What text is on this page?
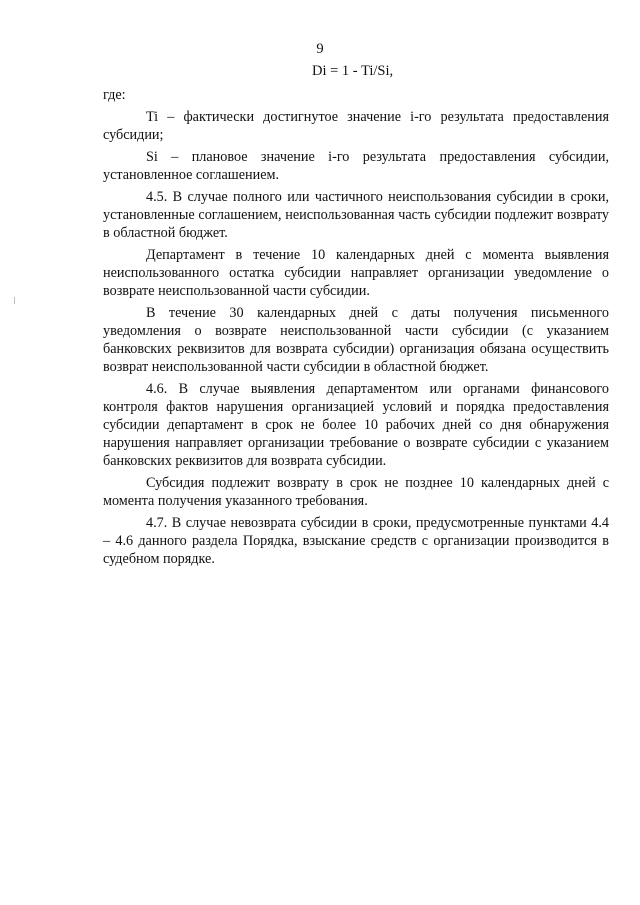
9
Di = 1 - Ti/Si,

где:

Ti – фактически достигнутое значение i-го результата предоставления субсидии;

Si – плановое значение i-го результата предоставления субсидии, установленное соглашением.

4.5. В случае полного или частичного неиспользования субсидии в сроки, установленные соглашением, неиспользованная часть субсидии подлежит возврату в областной бюджет.

Департамент в течение 10 календарных дней с момента выявления неиспользованного остатка субсидии направляет организации уведомление о возврате неиспользованной части субсидии.

В течение 30 календарных дней с даты получения письменного уведомления о возврате неиспользованной части субсидии (с указанием банковских реквизитов для возврата субсидии) организация обязана осуществить возврат неиспользованной части субсидии в областной бюджет.

4.6. В случае выявления департаментом или органами финансового контроля фактов нарушения организацией условий и порядка предоставления субсидии департамент в срок не более 10 рабочих дней со дня обнаружения нарушения направляет организации требование о возврате субсидии с указанием банковских реквизитов для возврата субсидии.

Субсидия подлежит возврату в срок не позднее 10 календарных дней с момента получения указанного требования.

4.7. В случае невозврата субсидии в сроки, предусмотренные пунктами 4.4 – 4.6 данного раздела Порядка, взыскание средств с организации производится в судебном порядке.
